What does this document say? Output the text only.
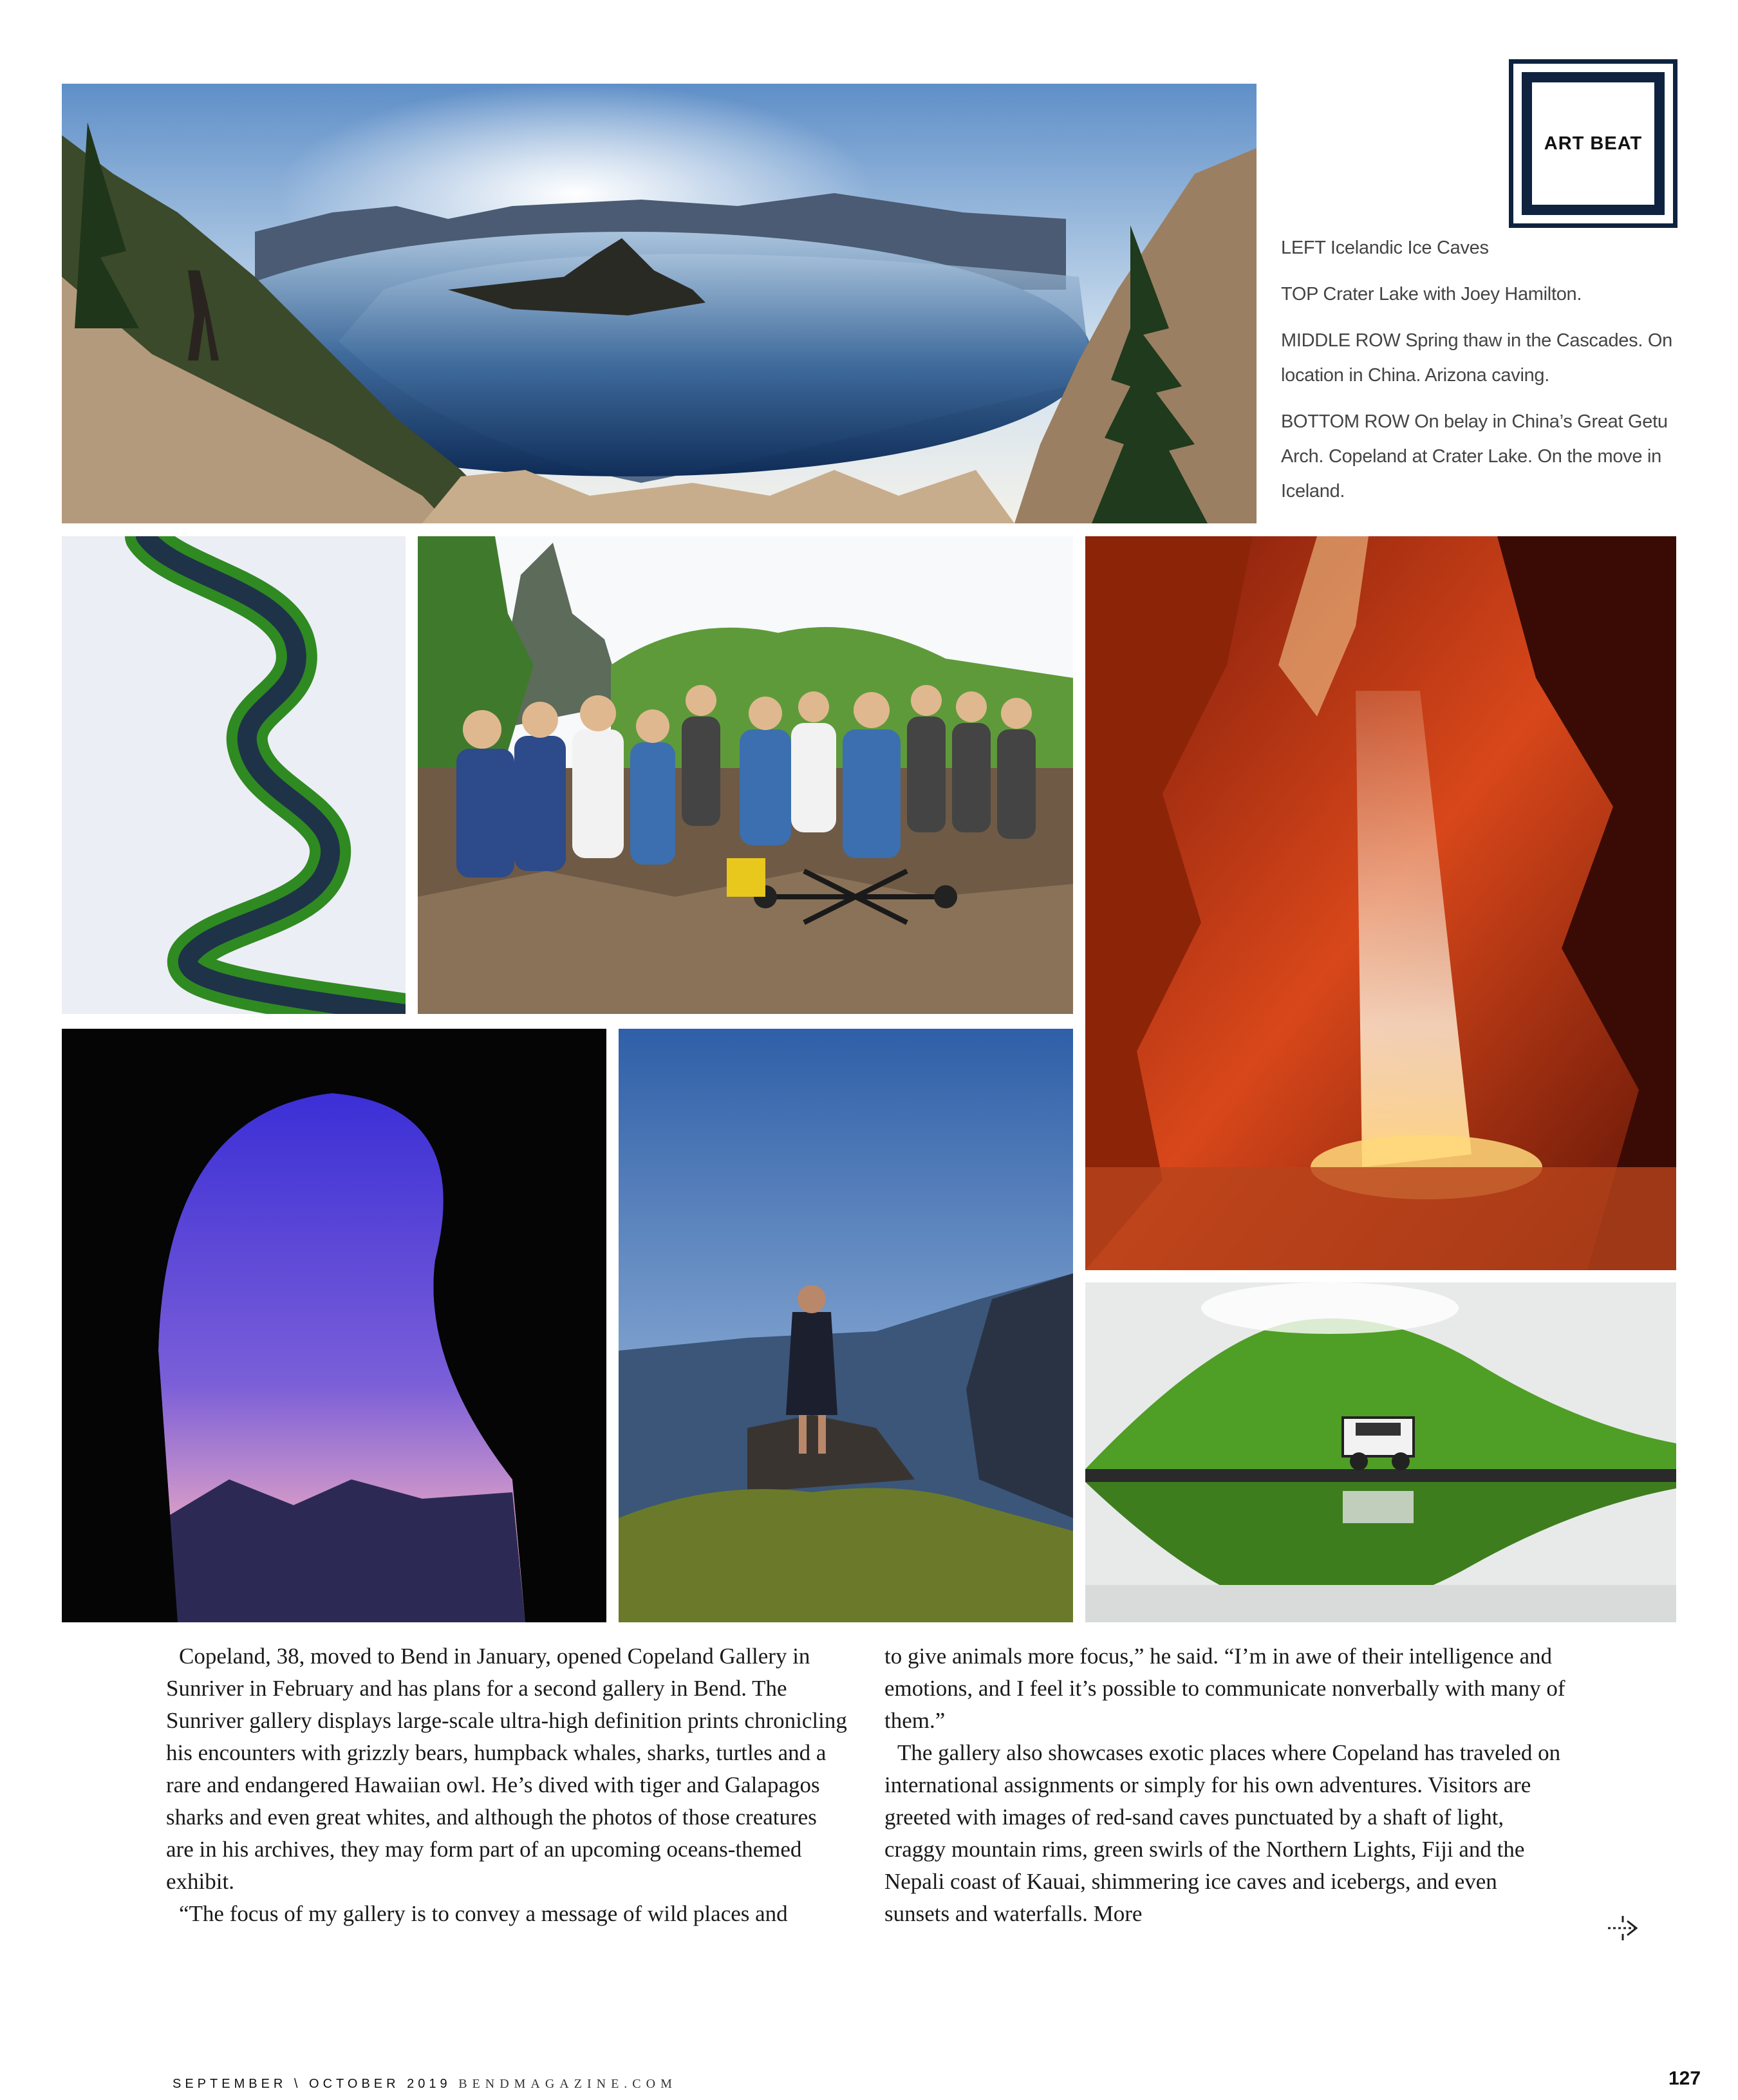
ART BEAT

LEFT Icelandic Ice Caves

TOP Crater Lake with Joey Hamilton.

MIDDLE ROW Spring thaw in the Cascades. On location in China. Arizona caving.

BOTTOM ROW On belay in China’s Great Getu Arch. Copeland at Crater Lake. On the move in Iceland.

Copeland, 38, moved to Bend in January, opened Copeland Gallery in Sunriver in February and has plans for a second gallery in Bend. The Sunriver gallery displays large-scale ultra-high definition prints chronicling his encounters with grizzly bears, humpback whales, sharks, turtles and a rare and endangered Hawaiian owl. He’s dived with tiger and Galapagos sharks and even great whites, and although the photos of those creatures are in his archives, they may form part of an upcoming oceans-themed exhibit.

“The focus of my gallery is to convey a message of wild places and

to give animals more focus,” he said. “I’m in awe of their intelligence and emotions, and I feel it’s possible to communicate nonverbally with many of them.”

The gallery also showcases exotic places where Copeland has traveled on international assignments or simply for his own adventures. Visitors are greeted with images of red-sand caves punctuated by a shaft of light, craggy mountain rims, green swirls of the Northern Lights, Fiji and the Nepali coast of Kauai, shimmering ice caves and icebergs, and even sunsets and waterfalls. More

SEPTEMBER \ OCTOBER 2019 BENDMAGAZINE.COM	127
